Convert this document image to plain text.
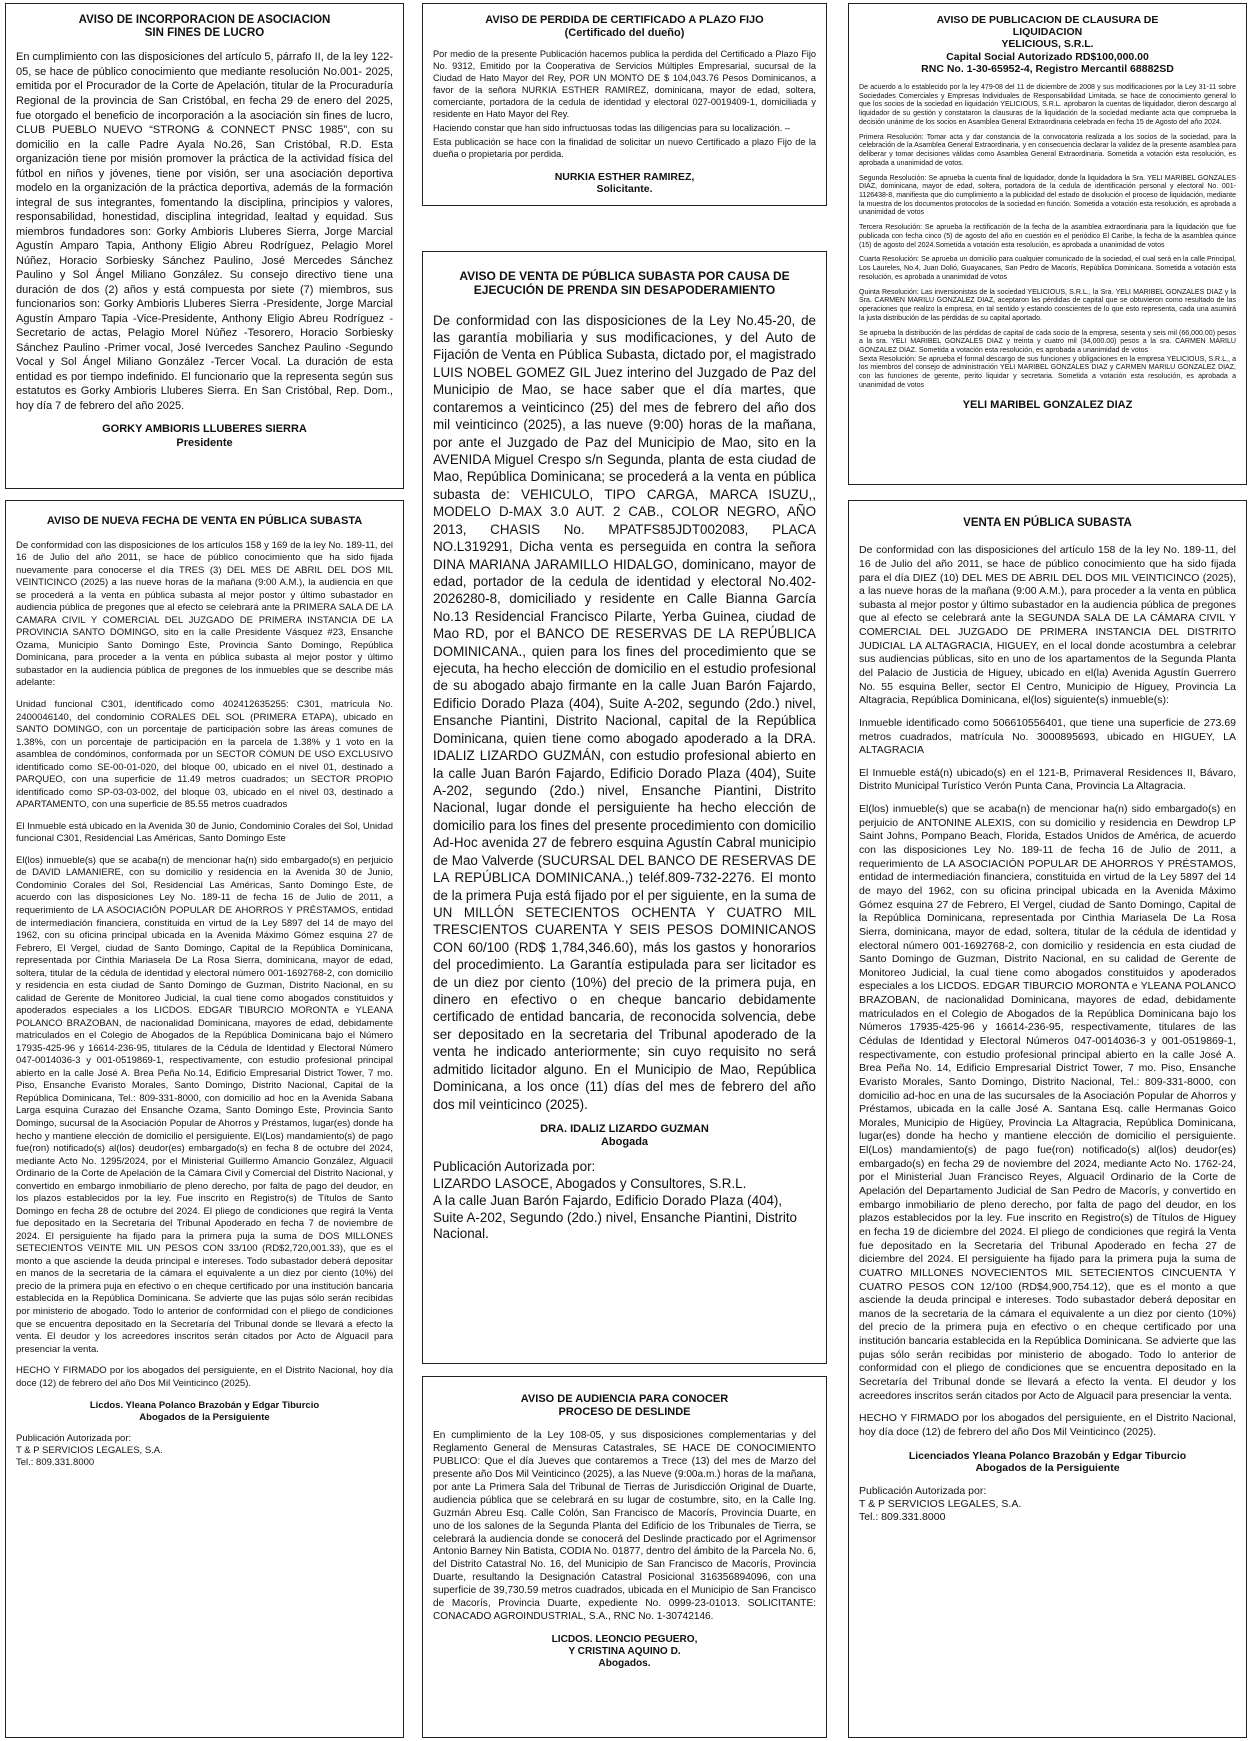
AVISO DE INCORPORACION DE ASOCIACION
SIN FINES DE LUCRO

En cumplimiento con las disposiciones del artículo 5, párrafo II, de la ley 122-05, se hace de público conocimiento que mediante resolución No.001- 2025, emitida por el Procurador de la Corte de Apelación, titular de la Procuraduría Regional de la provincia de San Cristóbal, en fecha 29 de enero del 2025, fue otorgado el beneficio de incorporación a la asociación sin fines de lucro, CLUB PUEBLO NUEVO “STRONG & CONNECT PNSC 1985”, con su domicilio en la calle Padre Ayala No.26, San Cristóbal, R.D. Esta organización tiene por misión promover la práctica de la actividad física del fútbol en niños y jóvenes, tiene por visión, ser una asociación deportiva modelo en la organización de la práctica deportiva, además de la formación integral de sus integrantes, fomentando la disciplina, principios y valores, responsabilidad, honestidad, disciplina integridad, lealtad y equidad. Sus miembros fundadores son: Gorky Ambioris Lluberes Sierra, Jorge Marcial Agustín Amparo Tapia, Anthony Eligio Abreu Rodríguez, Pelagio Morel Núñez, Horacio Sorbiesky Sánchez Paulino, José Mercedes Sánchez Paulino y Sol Ángel Miliano González. Su consejo directivo tiene una duración de dos (2) años y está compuesta por siete (7) miembros, sus funcionarios son: Gorky Ambioris Lluberes Sierra -Presidente, Jorge Marcial Agustín Amparo Tapia -Vice-Presidente, Anthony Eligio Abreu Rodríguez - Secretario de actas, Pelagio Morel Núñez -Tesorero, Horacio Sorbiesky Sánchez Paulino -Primer vocal, José Ivercedes Sanchez Paulino -Segundo Vocal y Sol Ángel Miliano González -Tercer Vocal. La duración de esta entidad es por tiempo indefinido. El funcionario que la representa según sus estatutos es Gorky Ambioris Lluberes Sierra. En San Cristóbal, Rep. Dom., hoy día 7 de febrero del año 2025.

GORKY AMBIORIS LLUBERES SIERRA
Presidente
AVISO DE PERDIDA DE CERTIFICADO A PLAZO FIJO
(Certificado del dueño)

Por medio de la presente Publicación hacemos publica la perdida del Certificado a Plazo Fijo No. 9312, Emitido por la Cooperativa de Servicios Múltiples Empresarial, sucursal de la Ciudad de Hato Mayor del Rey, POR UN MONTO DE $ 104,043.76 Pesos Dominicanos, a favor de la señora NURKIA ESTHER RAMIREZ, dominicana, mayor de edad, soltera, comerciante, portadora de la cedula de identidad y electoral 027-0019409-1, domiciliada y residente en Hato Mayor del Rey.

Haciendo constar que han sido infructuosas todas las diligencias para su localización. –

Esta publicación se hace con la finalidad de solicitar un nuevo Certificado a plazo Fijo de la dueña o propietaria por perdida.

NURKIA ESTHER RAMIREZ,
Solicitante.
AVISO DE VENTA DE PÚBLICA SUBASTA POR CAUSA DE
EJECUCIÓN DE PRENDA SIN DESAPODERAMIENTO

De conformidad con las disposiciones de la Ley No.45-20, de las garantía mobiliaria y sus modificaciones, y del Auto de Fijación de Venta en Pública Subasta, dictado por, el magistrado LUIS NOBEL GOMEZ GIL Juez interino del Juzgado de Paz del Municipio de Mao, se hace saber que el día martes, que contaremos a veinticinco (25) del mes de febrero del año dos mil veinticinco (2025), a las nueve (9:00) horas de la mañana, por ante el Juzgado de Paz del Municipio de Mao, sito en la AVENIDA Miguel Crespo s/n Segunda, planta de esta ciudad de Mao, República Dominicana; se procederá a la venta en pública subasta de: VEHICULO, TIPO CARGA, MARCA ISUZU,, MODELO D-MAX 3.0 AUT. 2 CAB., COLOR NEGRO, AÑO 2013, CHASIS No. MPATFS85JDT002083, PLACA NO.L319291, Dicha venta es perseguida en contra la señora DINA MARIANA JARAMILLO HIDALGO, dominicano, mayor de edad, portador de la cedula de identidad y electoral No.402-2026280-8, domiciliado y residente en Calle Bianna García No.13 Residencial Francisco Pilarte, Yerba Guinea, ciudad de Mao RD, por el BANCO DE RESERVAS DE LA REPÚBLICA DOMINICANA., quien para los fines del procedimiento que se ejecuta, ha hecho elección de domicilio en el estudio profesional de su abogado abajo firmante en la calle Juan Barón Fajardo, Edificio Dorado Plaza (404), Suite A-202, segundo (2do.) nivel, Ensanche Piantini, Distrito Nacional, capital de la República Dominicana, quien tiene como abogado apoderado a la DRA. IDALIZ LIZARDO GUZMÁN, con estudio profesional abierto en la calle Juan Barón Fajardo, Edificio Dorado Plaza (404), Suite A-202, segundo (2do.) nivel, Ensanche Piantini, Distrito Nacional, lugar donde el persiguiente ha hecho elección de domicilio para los fines del presente procedimiento con domicilio Ad-Hoc avenida 27 de febrero esquina Agustín Cabral municipio de Mao Valverde (SUCURSAL DEL BANCO DE RESERVAS DE LA REPÚBLICA DOMINICANA.,) teléf.809-732-2276. El monto de la primera Puja está fijado por el per siguiente, en la suma de UN MILLÓN SETECIENTOS OCHENTA Y CUATRO MIL TRESCIENTOS CUARENTA Y SEIS PESOS DOMINICANOS CON 60/100 (RD$ 1,784,346.60), más los gastos y honorarios del procedimiento. La Garantía estipulada para ser licitador es de un diez por ciento (10%) del precio de la primera puja, en dinero en efectivo o en cheque bancario debidamente certificado de entidad bancaria, de reconocida solvencia, debe ser depositado en la secretaria del Tribunal apoderado de la venta he indicado anteriormente; sin cuyo requisito no será admitido licitador alguno. En el Municipio de Mao, República Dominicana, a los once (11) días del mes de febrero del año dos mil veinticinco (2025).

DRA. IDALIZ LIZARDO GUZMAN
Abogada
Publicación Autorizada por:
LIZARDO LASOCE, Abogados y Consultores, S.R.L.
A la calle Juan Barón Fajardo, Edificio Dorado Plaza (404), Suite A-202, Segundo (2do.) nivel, Ensanche Piantini, Distrito Nacional.
AVISO DE PUBLICACION DE CLAUSURA DE
LIQUIDACION
YELICIOUS, S.R.L.
Capital Social Autorizado RD$100,000.00
RNC No. 1-30-65952-4, Registro Mercantil 68882SD

De acuerdo a lo establecido por la ley 479-08 del 11 de diciembre de 2008 y sus modificaciones por la Ley 31-11 sobre Sociedades Comerciales y Empresas Individuales de Responsabilidad Limitada, se hace de conocimiento general lo que los socios de la sociedad en liquidación YELICIOUS, S.R.L. aprobaron la cuentas de liquidador, dieron descargo al liquidador de su gestión y constataron la clausuras de la liquidación de la sociedad mediante acta que comprueba la decisión unánime de los socios en Asamblea General Extraordinaria celebrada en fecha 15 de Agosto del año 2024.

Primera Resolución: Tomar acta y dar constancia de la convocatoria realizada a los socios de la sociedad, para la celebración de la Asamblea General Extraordinaria, y en consecuencia declarar la validez de la presente asamblea para deliberar y tomar decisiones válidas como Asamblea General Extraordinaria. Sometida a votación esta resolución, es aprobada a unanimidad de votos.

Segunda Resolución: Se aprueba la cuenta final de liquidador, donde la liquidadora la Sra. YELI MARIBEL GONZALES DIAZ, dominicana, mayor de edad, soltera, portadora de la cedula de identificación personal y electoral No. 001-1126438-8, manifiesta que dio cumplimiento a la publicidad del estado de disolución el proceso de liquidación, mediante la muestra de los documentos protocolos de la sociedad en función. Sometida a votación esta resolución, es aprobada a unanimidad de votos

Tercera Resolución: Se aprueba la rectificación de la fecha de la asamblea extraordinaria para la liquidación que fue publicada con fecha cinco (5) de agosto del año en cuestión en el periódico El Caribe, la fecha de la asamblea quince (15) de agosto del 2024.Sometida a votación esta resolución, es aprobada a unanimidad de votos

Cuarta Resolución: Se aprueba un domicilio para cualquier comunicado de la sociedad, el cual será en la calle Principal, Los Laureles, No.4, Juan Dolió, Guayacanes, San Pedro de Macorís, República Dominicana. Sometida a votación esta resolución, es aprobada a unanimidad de votos

Quinta Resolución: Las inversionistas de la sociedad YELICIOUS, S.R.L., la Sra. YELI MARIBEL GONZALES DIAZ y la Sra. CARMEN MARILU GONZALEZ DIAZ, aceptaron las pérdidas de capital que se obtuvieron como resultado de las operaciones que realizo la empresa, en tal sentido y estando conscientes de lo que esto representa, cada una asumirá la justa distribución de las pérdidas de su capital aportado.

Se aprueba la distribución de las pérdidas de capital de cada socio de la empresa, sesenta y seis mil (66,000.00) pesos a la sra. YELI MARIBEL GONZALES DIAZ y treinta y cuatro mil (34,000.00) pesos a la sra. CARMEN MARILU GONZALEZ DIAZ. Sometida a votación esta resolución, es aprobada a unanimidad de votos

Sexta Resolución: Se aprueba el formal descargo de sus funciones y obligaciones en la empresa YELICIOUS, S.R.L., a los miembros del consejo de administración YELI MARIBEL GONZALES DIAZ y CARMEN MARILU GONZALEZ DIAZ, con las funciones de gerente, perito liquidar y secretaria. Sometida a votación esta resolución, es aprobada a unanimidad de votos

YELI MARIBEL GONZALEZ DIAZ
AVISO DE NUEVA FECHA DE VENTA EN PÚBLICA SUBASTA

De conformidad con las disposiciones de los artículos 158 y 169 de la ley No. 189-11, del 16 de Julio del año 2011, se hace de público conocimiento que ha sido fijada nuevamente para conocerse el día TRES (3) DEL MES DE ABRIL DEL DOS MIL VEINTICINCO (2025) a las nueve horas de la mañana (9:00 A.M.), la audiencia en que se procederá a la venta en pública subasta al mejor postor y último subastador en audiencia pública de pregones que al efecto se celebrará ante la PRIMERA SALA DE LA CAMARA CIVIL Y COMERCIAL DEL JUZGADO DE PRIMERA INSTANCIA DE LA PROVINCIA SANTO DOMINGO, sito en la calle Presidente Vásquez #23, Ensanche Ozama, Municipio Santo Domingo Este, Provincia Santo Domingo, República Dominicana, para proceder a la venta en pública subasta al mejor postor y último subastador en la audiencia pública de pregones de los inmuebles que se describe más adelante:

Unidad funcional C301, identificado como 402412635255: C301, matrícula No. 2400046140, del condominio CORALES DEL SOL (PRIMERA ETAPA), ubicado en SANTO DOMINGO, con un porcentaje de participación sobre las áreas comunes de 1.38%, con un porcentaje de participación en la parcela de 1.38% y 1 voto en la asamblea de condóminos, conformada por un SECTOR COMUN DE USO EXCLUSIVO identificado como SE-00-01-020, del bloque 00, ubicado en el nivel 01, destinado a PARQUEO, con una superficie de 11.49 metros cuadrados; un SECTOR PROPIO identificado como SP-03-03-002, del bloque 03, ubicado en el nivel 03, destinado a APARTAMENTO, con una superficie de 85.55 metros cuadrados

El Inmueble está ubicado en la Avenida 30 de Junio, Condominio Corales del Sol, Unidad funcional C301, Residencial Las Américas, Santo Domingo Este

El(los) inmueble(s) que se acaba(n) de mencionar ha(n) sido embargado(s) en perjuicio de DAVID LAMANIERE, con su domicilio y residencia en la Avenida 30 de Junio, Condominio Corales del Sol, Residencial Las Américas, Santo Domingo Este, de acuerdo con las disposiciones Ley No. 189-11 de fecha 16 de Julio de 2011, a requerimiento de LA ASOCIACIÓN POPULAR DE AHORROS Y PRÉSTAMOS, entidad de intermediación financiera, constituida en virtud de la Ley 5897 del 14 de mayo del 1962, con su oficina principal ubicada en la Avenida Máximo Gómez esquina 27 de Febrero, El Vergel, ciudad de Santo Domingo, Capital de la República Dominicana, representada por Cinthia Mariasela De La Rosa Sierra, dominicana, mayor de edad, soltera, titular de la cédula de identidad y electoral número 001-1692768-2, con domicilio y residencia en esta ciudad de Santo Domingo de Guzman, Distrito Nacional, en su calidad de Gerente de Monitoreo Judicial, la cual tiene como abogados constituidos y apoderados especiales a los LICDOS. EDGAR TIBURCIO MORONTA e YLEANA POLANCO BRAZOBAN, de nacionalidad Dominicana, mayores de edad, debidamente matriculados en el Colegio de Abogados de la República Dominicana bajo el Número 17935-425-96 y 16614-236-95, titulares de la Cédula de Identidad y Electoral Número 047-0014036-3 y 001-0519869-1, respectivamente, con estudio profesional principal abierto en la calle José A. Brea Peña No.14, Edificio Empresarial District Tower, 7 mo. Piso, Ensanche Evaristo Morales, Santo Domingo, Distrito Nacional, Capital de la República Dominicana, Tel.: 809-331-8000, con domicilio ad hoc en la Avenida Sabana Larga esquina Curazao del Ensanche Ozama, Santo Domingo Este, Provincia Santo Domingo, sucursal de la Asociación Popular de Ahorros y Préstamos, lugar(es) donde ha hecho y mantiene elección de domicilio el persiguiente. El(Los) mandamiento(s) de pago fue(ron) notificado(s) al(los) deudor(es) embargado(s) en fecha 8 de octubre del 2024, mediante Acto No. 1295/2024, por el Ministerial Guillermo Amancio González, Alguacil Ordinario de la Corte de Apelación de la Cámara Civil y Comercial del Distrito Nacional, y convertido en embargo inmobiliario de pleno derecho, por falta de pago del deudor, en los plazos establecidos por la ley. Fue inscrito en Registro(s) de Títulos de Santo Domingo en fecha 28 de octubre del 2024. El pliego de condiciones que regirá la Venta fue depositado en la Secretaria del Tribunal Apoderado en fecha 7 de noviembre de 2024. El persiguiente ha fijado para la primera puja la suma de DOS MILLONES SETECIENTOS VEINTE MIL UN PESOS CON 33/100 (RD$2,720,001.33), que es el monto a que asciende la deuda principal e intereses. Todo subastador deberá depositar en manos de la secretaria de la cámara el equivalente a un diez por ciento (10%) del precio de la primera puja en efectivo o en cheque certificado por una institución bancaria establecida en la República Dominicana. Se advierte que las pujas sólo serán recibidas por ministerio de abogado. Todo lo anterior de conformidad con el pliego de condiciones que se encuentra depositado en la Secretaría del Tribunal donde se llevará a efecto la venta. El deudor y los acreedores inscritos serán citados por Acto de Alguacil para presenciar la venta.

HECHO Y FIRMADO por los abogados del persiguiente, en el Distrito Nacional, hoy día doce (12) de febrero del año Dos Mil Veinticinco (2025).

Licdos. Yleana Polanco Brazobán y Edgar Tiburcio
Abogados de la Persiguiente
Publicación Autorizada por:
T & P SERVICIOS LEGALES, S.A.
Tel.: 809.331.8000
VENTA EN PÚBLICA SUBASTA

De conformidad con las disposiciones del artículo 158 de la ley No. 189-11, del 16 de Julio del año 2011, se hace de público conocimiento que ha sido fijada para el día DIEZ (10) DEL MES DE ABRIL DEL DOS MIL VEINTICINCO (2025), a las nueve horas de la mañana (9:00 A.M.), para proceder a la venta en pública subasta al mejor postor y último subastador en la audiencia pública de pregones que al efecto se celebrará ante la SEGUNDA SALA DE LA CÁMARA CIVIL Y COMERCIAL DEL JUZGADO DE PRIMERA INSTANCIA DEL DISTRITO JUDICIAL LA ALTAGRACIA, HIGUEY, en el local donde acostumbra a celebrar sus audiencias públicas, sito en uno de los apartamentos de la Segunda Planta del Palacio de Justicia de Higuey, ubicado en el(la) Avenida Agustín Guerrero No. 55 esquina Beller, sector El Centro, Municipio de Higuey, Provincia La Altagracia, República Dominicana, el(los) siguiente(s) inmueble(s):

Inmueble identificado como 506610556401, que tiene una superficie de 273.69 metros cuadrados, matrícula No. 3000895693, ubicado en HIGUEY, LA ALTAGRACIA

El Inmueble está(n) ubicado(s) en el 121-B, Primaveral Residences II, Bávaro, Distrito Municipal Turístico Verón Punta Cana, Provincia La Altagracia.

El(los) inmueble(s) que se acaba(n) de mencionar ha(n) sido embargado(s) en perjuicio de ANTONINE ALEXIS, con su domicilio y residencia en Dewdrop LP Saint Johns, Pompano Beach, Florida, Estados Unidos de América, de acuerdo con las disposiciones Ley No. 189-11 de fecha 16 de Julio de 2011, a requerimiento de LA ASOCIACIÓN POPULAR DE AHORROS Y PRÉSTAMOS, entidad de intermediación financiera, constituida en virtud de la Ley 5897 del 14 de mayo del 1962, con su oficina principal ubicada en la Avenida Máximo Gómez esquina 27 de Febrero, El Vergel, ciudad de Santo Domingo, Capital de la República Dominicana, representada por Cinthia Mariasela De La Rosa Sierra, dominicana, mayor de edad, soltera, titular de la cédula de identidad y electoral número 001-1692768-2, con domicilio y residencia en esta ciudad de Santo Domingo de Guzman, Distrito Nacional, en su calidad de Gerente de Monitoreo Judicial, la cual tiene como abogados constituidos y apoderados especiales a los LICDOS. EDGAR TIBURCIO MORONTA e YLEANA POLANCO BRAZOBAN, de nacionalidad Dominicana, mayores de edad, debidamente matriculados en el Colegio de Abogados de la República Dominicana bajo los Números 17935-425-96 y 16614-236-95, respectivamente, titulares de las Cédulas de Identidad y Electoral Números 047-0014036-3 y 001-0519869-1, respectivamente, con estudio profesional principal abierto en la calle José A. Brea Peña No. 14, Edificio Empresarial District Tower, 7 mo. Piso, Ensanche Evaristo Morales, Santo Domingo, Distrito Nacional, Tel.: 809-331-8000, con domicilio ad-hoc en una de las sucursales de la Asociación Popular de Ahorros y Préstamos, ubicada en la calle José A. Santana Esq. calle Hermanas Goico Morales, Municipio de Higüey, Provincia La Altagracia, República Dominicana, lugar(es) donde ha hecho y mantiene elección de domicilio el persiguiente. El(Los) mandamiento(s) de pago fue(ron) notificado(s) al(los) deudor(es) embargado(s) en fecha 29 de noviembre del 2024, mediante Acto No. 1762-24, por el Ministerial Juan Francisco Reyes, Alguacil Ordinario de la Corte de Apelación del Departamento Judicial de San Pedro de Macorís, y convertido en embargo inmobiliario de pleno derecho, por falta de pago del deudor, en los plazos establecidos por la ley. Fue inscrito en Registro(s) de Títulos de Higuey en fecha 19 de diciembre del 2024. El pliego de condiciones que regirá la Venta fue depositado en la Secretaria del Tribunal Apoderado en fecha 27 de diciembre del 2024. El persiguiente ha fijado para la primera puja la suma de CUATRO MILLONES NOVECIENTOS MIL SETECIENTOS CINCUENTA Y CUATRO PESOS CON 12/100 (RD$4,900,754.12), que es el monto a que asciende la deuda principal e intereses. Todo subastador deberá depositar en manos de la secretaria de la cámara el equivalente a un diez por ciento (10%) del precio de la primera puja en efectivo o en cheque certificado por una institución bancaria establecida en la República Dominicana. Se advierte que las pujas sólo serán recibidas por ministerio de abogado. Todo lo anterior de conformidad con el pliego de condiciones que se encuentra depositado en la Secretaría del Tribunal donde se llevará a efecto la venta. El deudor y los acreedores inscritos serán citados por Acto de Alguacil para presenciar la venta.

HECHO Y FIRMADO por los abogados del persiguiente, en el Distrito Nacional, hoy día doce (12) de febrero del año Dos Mil Veinticinco (2025).

Licenciados Yleana Polanco Brazobán y Edgar Tiburcio
Abogados de la Persiguiente
Publicación Autorizada por:
T & P SERVICIOS LEGALES, S.A.
Tel.: 809.331.8000
AVISO DE AUDIENCIA PARA CONOCER
PROCESO DE DESLINDE

En cumplimiento de la Ley 108-05, y sus disposiciones complementarias y del Reglamento General de Mensuras Catastrales, SE HACE DE CONOCIMIENTO PUBLICO: Que el día Jueves que contaremos a Trece (13) del mes de Marzo del presente año Dos Mil Veinticinco (2025), a las Nueve (9:00a.m.) horas de la mañana, por ante La Primera Sala del Tribunal de Tierras de Jurisdicción Original de Duarte, audiencia pública que se celebrará en su lugar de costumbre, sito, en la Calle Ing. Guzmán Abreu Esq. Calle Colón, San Francisco de Macorís, Provincia Duarte, en uno de los salones de la Segunda Planta del Edificio de los Tribunales de Tierra, se celebrará la audiencia donde se conocerá del Deslinde practicado por el Agrimensor Antonio Barney Nin Batista, CODIA No. 01877, dentro del ámbito de la Parcela No. 6, del Distrito Catastral No. 16, del Municipio de San Francisco de Macorís, Provincia Duarte, resultando la Designación Catastral Posicional 316356894096, con una superficie de 39,730.59 metros cuadrados, ubicada en el Municipio de San Francisco de Macorís, Provincia Duarte, expediente No. 0999-23-01013. SOLICITANTE: CONACADO AGROINDUSTRIAL, S.A., RNC No. 1-30742146.

LICDOS. LEONCIO PEGUERO,
Y CRISTINA AQUINO D.
Abogados.
